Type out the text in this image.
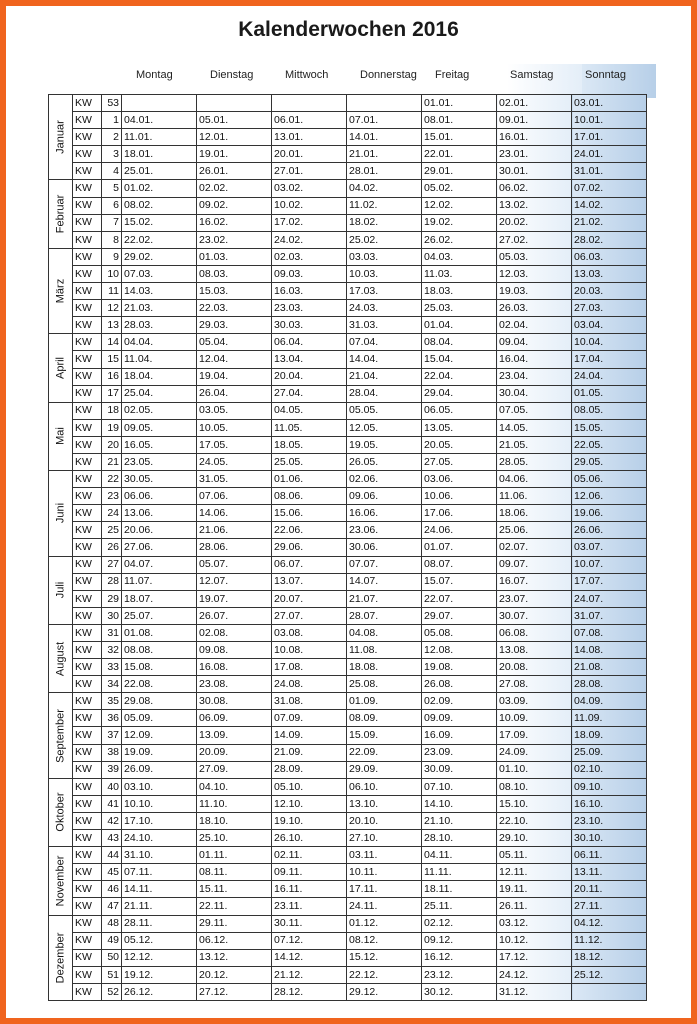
Kalenderwochen 2016
Montag	Dienstag	Mittwoch	Donnerstag	Freitag	Samstag	Sonntag
Januar	KW	53					01.01.	02.01.	03.01.
	KW	1	04.01.	05.01.	06.01.	07.01.	08.01.	09.01.	10.01.
	KW	2	11.01.	12.01.	13.01.	14.01.	15.01.	16.01.	17.01.
	KW	3	18.01.	19.01.	20.01.	21.01.	22.01.	23.01.	24.01.
	KW	4	25.01.	26.01.	27.01.	28.01.	29.01.	30.01.	31.01.

Februar	KW	5	01.02.	02.02.	03.02.	04.02.	05.02.	06.02.	07.02.
	KW	6	08.02.	09.02.	10.02.	11.02.	12.02.	13.02.	14.02.
	KW	7	15.02.	16.02.	17.02.	18.02.	19.02.	20.02.	21.02.
	KW	8	22.02.	23.02.	24.02.	25.02.	26.02.	27.02.	28.02.

März	KW	9	29.02.	01.03.	02.03.	03.03.	04.03.	05.03.	06.03.
	KW	10	07.03.	08.03.	09.03.	10.03.	11.03.	12.03.	13.03.
	KW	11	14.03.	15.03.	16.03.	17.03.	18.03.	19.03.	20.03.
	KW	12	21.03.	22.03.	23.03.	24.03.	25.03.	26.03.	27.03.
	KW	13	28.03.	29.03.	30.03.	31.03.	01.04.	02.04.	03.04.

April	KW	14	04.04.	05.04.	06.04.	07.04.	08.04.	09.04.	10.04.
	KW	15	11.04.	12.04.	13.04.	14.04.	15.04.	16.04.	17.04.
	KW	16	18.04.	19.04.	20.04.	21.04.	22.04.	23.04.	24.04.
	KW	17	25.04.	26.04.	27.04.	28.04.	29.04.	30.04.	01.05.

Mai	KW	18	02.05.	03.05.	04.05.	05.05.	06.05.	07.05.	08.05.
	KW	19	09.05.	10.05.	11.05.	12.05.	13.05.	14.05.	15.05.
	KW	20	16.05.	17.05.	18.05.	19.05.	20.05.	21.05.	22.05.
	KW	21	23.05.	24.05.	25.05.	26.05.	27.05.	28.05.	29.05.

Juni	KW	22	30.05.	31.05.	01.06.	02.06.	03.06.	04.06.	05.06.
	KW	23	06.06.	07.06.	08.06.	09.06.	10.06.	11.06.	12.06.
	KW	24	13.06.	14.06.	15.06.	16.06.	17.06.	18.06.	19.06.
	KW	25	20.06.	21.06.	22.06.	23.06.	24.06.	25.06.	26.06.
	KW	26	27.06.	28.06.	29.06.	30.06.	01.07.	02.07.	03.07.

Juli	KW	27	04.07.	05.07.	06.07.	07.07.	08.07.	09.07.	10.07.
	KW	28	11.07.	12.07.	13.07.	14.07.	15.07.	16.07.	17.07.
	KW	29	18.07.	19.07.	20.07.	21.07.	22.07.	23.07.	24.07.
	KW	30	25.07.	26.07.	27.07.	28.07.	29.07.	30.07.	31.07.

August	KW	31	01.08.	02.08.	03.08.	04.08.	05.08.	06.08.	07.08.
	KW	32	08.08.	09.08.	10.08.	11.08.	12.08.	13.08.	14.08.
	KW	33	15.08.	16.08.	17.08.	18.08.	19.08.	20.08.	21.08.
	KW	34	22.08.	23.08.	24.08.	25.08.	26.08.	27.08.	28.08.

September	KW	35	29.08.	30.08.	31.08.	01.09.	02.09.	03.09.	04.09.
	KW	36	05.09.	06.09.	07.09.	08.09.	09.09.	10.09.	11.09.
	KW	37	12.09.	13.09.	14.09.	15.09.	16.09.	17.09.	18.09.
	KW	38	19.09.	20.09.	21.09.	22.09.	23.09.	24.09.	25.09.
	KW	39	26.09.	27.09.	28.09.	29.09.	30.09.	01.10.	02.10.

Oktober	KW	40	03.10.	04.10.	05.10.	06.10.	07.10.	08.10.	09.10.
	KW	41	10.10.	11.10.	12.10.	13.10.	14.10.	15.10.	16.10.
	KW	42	17.10.	18.10.	19.10.	20.10.	21.10.	22.10.	23.10.
	KW	43	24.10.	25.10.	26.10.	27.10.	28.10.	29.10.	30.10.

November	KW	44	31.10.	01.11.	02.11.	03.11.	04.11.	05.11.	06.11.
	KW	45	07.11.	08.11.	09.11.	10.11.	11.11.	12.11.	13.11.
	KW	46	14.11.	15.11.	16.11.	17.11.	18.11.	19.11.	20.11.
	KW	47	21.11.	22.11.	23.11.	24.11.	25.11.	26.11.	27.11.

Dezember	KW	48	28.11.	29.11.	30.11.	01.12.	02.12.	03.12.	04.12.
	KW	49	05.12.	06.12.	07.12.	08.12.	09.12.	10.12.	11.12.
	KW	50	12.12.	13.12.	14.12.	15.12.	16.12.	17.12.	18.12.
	KW	51	19.12.	20.12.	21.12.	22.12.	23.12.	24.12.	25.12.
	KW	52	26.12.	27.12.	28.12.	29.12.	30.12.	31.12.	
